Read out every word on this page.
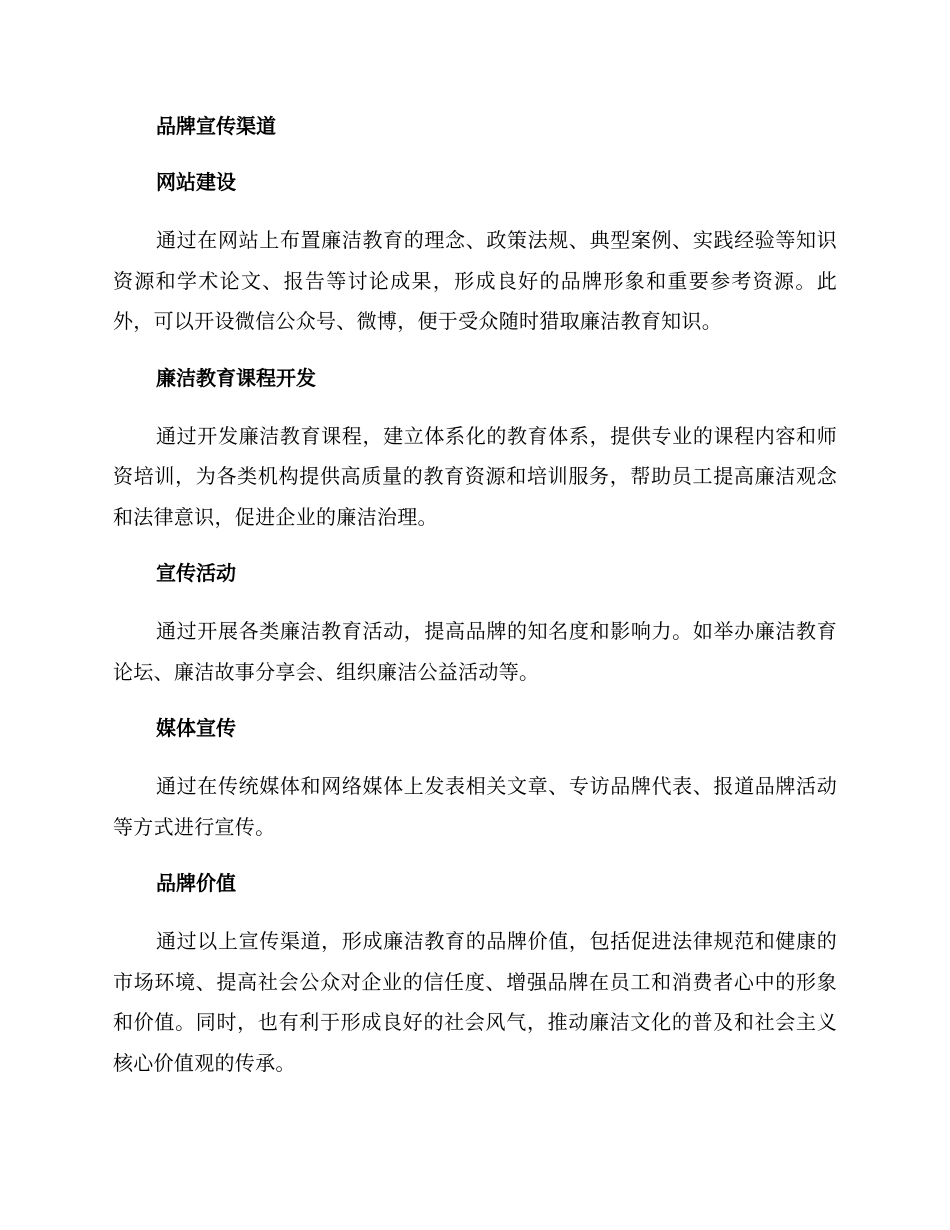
品牌宣传渠道
网站建设

通过在网站上布置廉洁教育的理念、政策法规、典型案例、实践经验等知识资源和学术论文、报告等讨论成果，形成良好的品牌形象和重要参考资源。此外，可以开设微信公众号、微博，便于受众随时猎取廉洁教育知识。

廉洁教育课程开发

通过开发廉洁教育课程，建立体系化的教育体系，提供专业的课程内容和师资培训，为各类机构提供高质量的教育资源和培训服务，帮助员工提高廉洁观念和法律意识，促进企业的廉洁治理。

宣传活动

通过开展各类廉洁教育活动，提高品牌的知名度和影响力。如举办廉洁教育论坛、廉洁故事分享会、组织廉洁公益活动等。

媒体宣传

通过在传统媒体和网络媒体上发表相关文章、专访品牌代表、报道品牌活动等方式进行宣传。

品牌价值

通过以上宣传渠道，形成廉洁教育的品牌价值，包括促进法律规范和健康的市场环境、提高社会公众对企业的信任度、增强品牌在员工和消费者心中的形象和价值。同时，也有利于形成良好的社会风气，推动廉洁文化的普及和社会主义核心价值观的传承。
